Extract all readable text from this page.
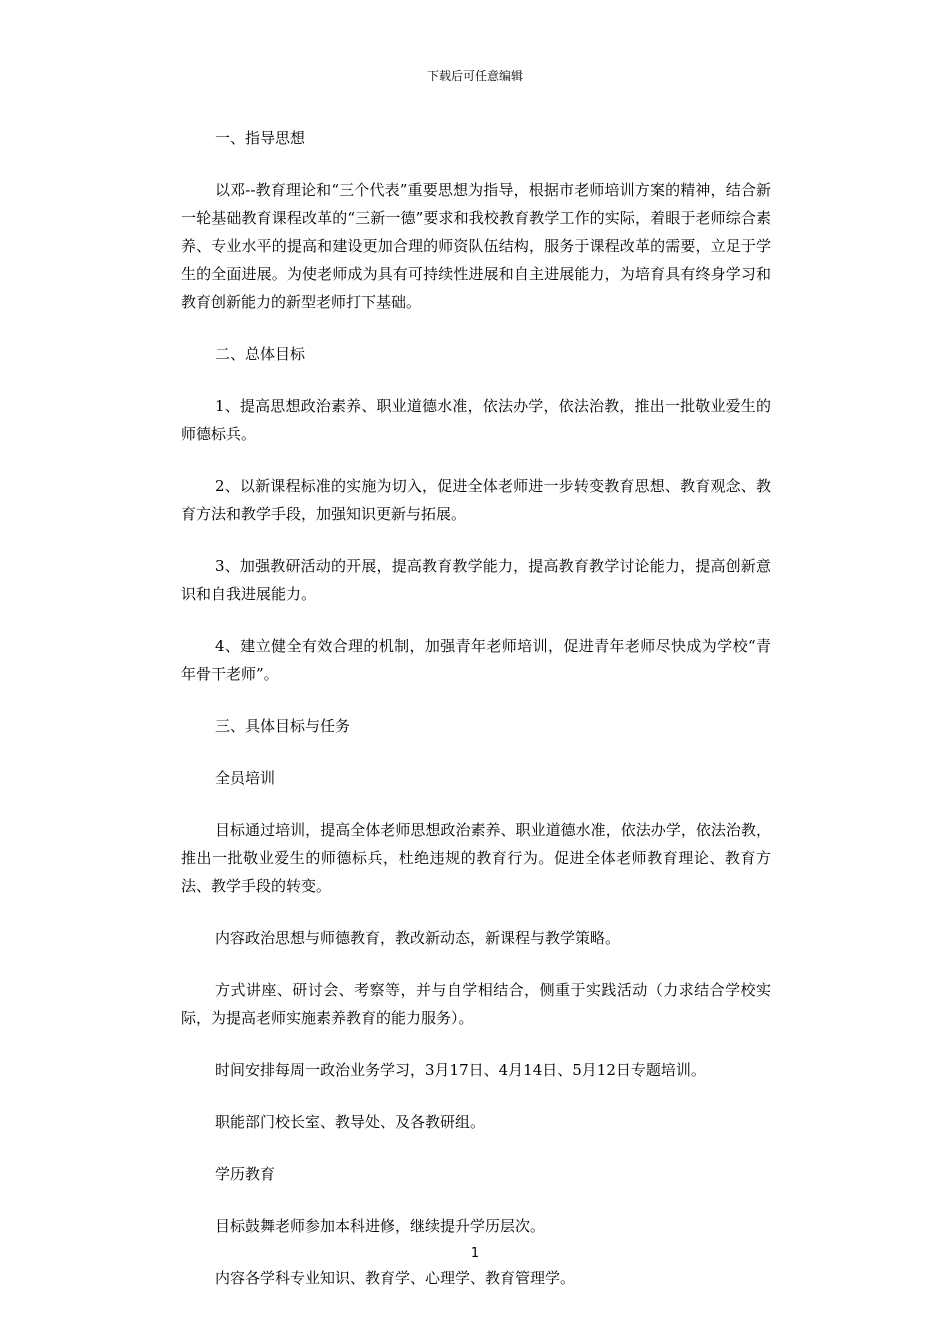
下载后可任意编辑

一、指导思想

以邓--教育理论和“三个代表”重要思想为指导，根据市老师培训方案的精神，结合新一轮基础教育课程改革的“三新一德”要求和我校教育教学工作的实际，着眼于老师综合素养、专业水平的提高和建设更加合理的师资队伍结构，服务于课程改革的需要，立足于学生的全面进展。为使老师成为具有可持续性进展和自主进展能力，为培育具有终身学习和教育创新能力的新型老师打下基础。

二、总体目标

1、提高思想政治素养、职业道德水准，依法办学，依法治教，推出一批敬业爱生的师德标兵。

2、以新课程标准的实施为切入，促进全体老师进一步转变教育思想、教育观念、教育方法和教学手段，加强知识更新与拓展。

3、加强教研活动的开展，提高教育教学能力，提高教育教学讨论能力，提高创新意识和自我进展能力。

4、建立健全有效合理的机制，加强青年老师培训，促进青年老师尽快成为学校“青年骨干老师”。

三、具体目标与任务

全员培训

目标通过培训，提高全体老师思想政治素养、职业道德水准，依法办学，依法治教，推出一批敬业爱生的师德标兵，杜绝违规的教育行为。促进全体老师教育理论、教育方法、教学手段的转变。

内容政治思想与师德教育，教改新动态，新课程与教学策略。

方式讲座、研讨会、考察等，并与自学相结合，侧重于实践活动（力求结合学校实际，为提高老师实施素养教育的能力服务）。

时间安排每周一政治业务学习，3月17日、4月14日、5月12日专题培训。

职能部门校长室、教导处、及各教研组。

学历教育

目标鼓舞老师参加本科进修，继续提升学历层次。

内容各学科专业知识、教育学、心理学、教育管理学。

1
